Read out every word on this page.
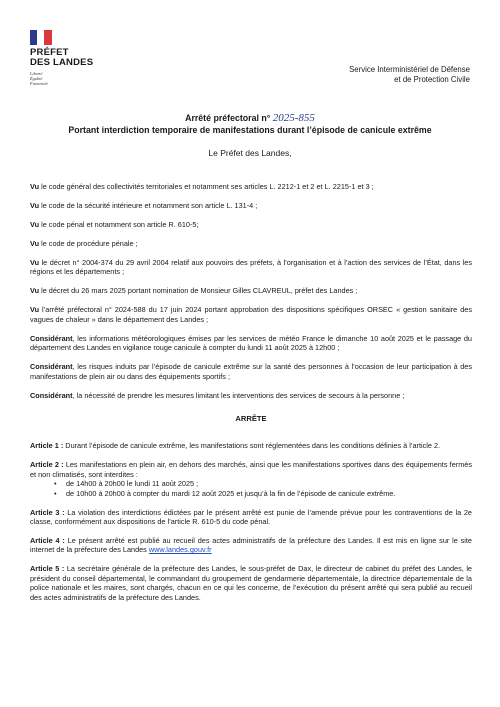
PRÉFET
DES LANDES
Liberté
Égalité
Fraternité
Service Interministériel de Défense
et de Protection Civile
Arrêté préfectoral n° 2025-855
Portant interdiction temporaire de manifestations durant l’épisode de canicule extrême
Le Préfet des Landes,

Vu le code général des collectivités territoriales et notamment ses articles L. 2212-1 et 2 et L. 2215-1 et 3 ;

Vu le code de la sécurité intérieure et notamment son article L. 131-4 ;

Vu le code pénal et notamment son article R. 610-5;

Vu le code de procédure pénale ;

Vu le décret n° 2004-374 du 29 avril 2004 relatif aux pouvoirs des préfets, à l’organisation et à l’action des services de l’État, dans les régions et les départements ;

Vu le décret du 26 mars 2025 portant nomination de Monsieur Gilles CLAVREUL, préfet des Landes ;

Vu l’arrêté préfectoral n° 2024-588 du 17 juin 2024 portant approbation des dispositions spécifiques ORSEC « gestion sanitaire des vagues de chaleur » dans le département des Landes ;

Considérant, les informations météorologiques émises par les services de météo France le dimanche 10 août 2025 et le passage du département des Landes en vigilance rouge canicule à compter du lundi 11 août 2025 à 12h00 ;

Considérant, les risques induits par l’épisode de canicule extrême sur la santé des personnes à l’occasion de leur participation à des manifestations de plein air ou dans des équipements sportifs ;

Considérant, la nécessité de prendre les mesures limitant les interventions des services de secours à la personne ;

ARRÊTE

Article 1 : Durant l’épisode de canicule extrême, les manifestations sont réglementées dans les conditions définies à l’article 2.

Article 2 : Les manifestations en plein air, en dehors des marchés, ainsi que les manifestations sportives dans des équipements fermés et non climatisés, sont interdites :

• de 14h00 à 20h00 le lundi 11 août 2025 ;
• de 10h00 à 20h00 à compter du mardi 12 août 2025 et jusqu’à la fin de l’épisode de canicule extrême.

Article 3 : La violation des interdictions édictées par le présent arrêté est punie de l’amende prévue pour les contraventions de la 2e classe, conformément aux dispositions de l’article R. 610-5 du code pénal.

Article 4 : Le présent arrêté est publié au recueil des actes administratifs de la préfecture des Landes. Il est mis en ligne sur le site internet de la préfecture des Landes www.landes.gouv.fr

Article 5 : La secrétaire générale de la préfecture des Landes, le sous-préfet de Dax, le directeur de cabinet du préfet des Landes, le président du conseil départemental, le commandant du groupement de gendarmerie départementale, la directrice départementale de la police nationale et les maires, sont chargés, chacun en ce qui les concerne, de l’exécution du présent arrêté qui sera publié au recueil des actes administratifs de la préfecture des Landes.
